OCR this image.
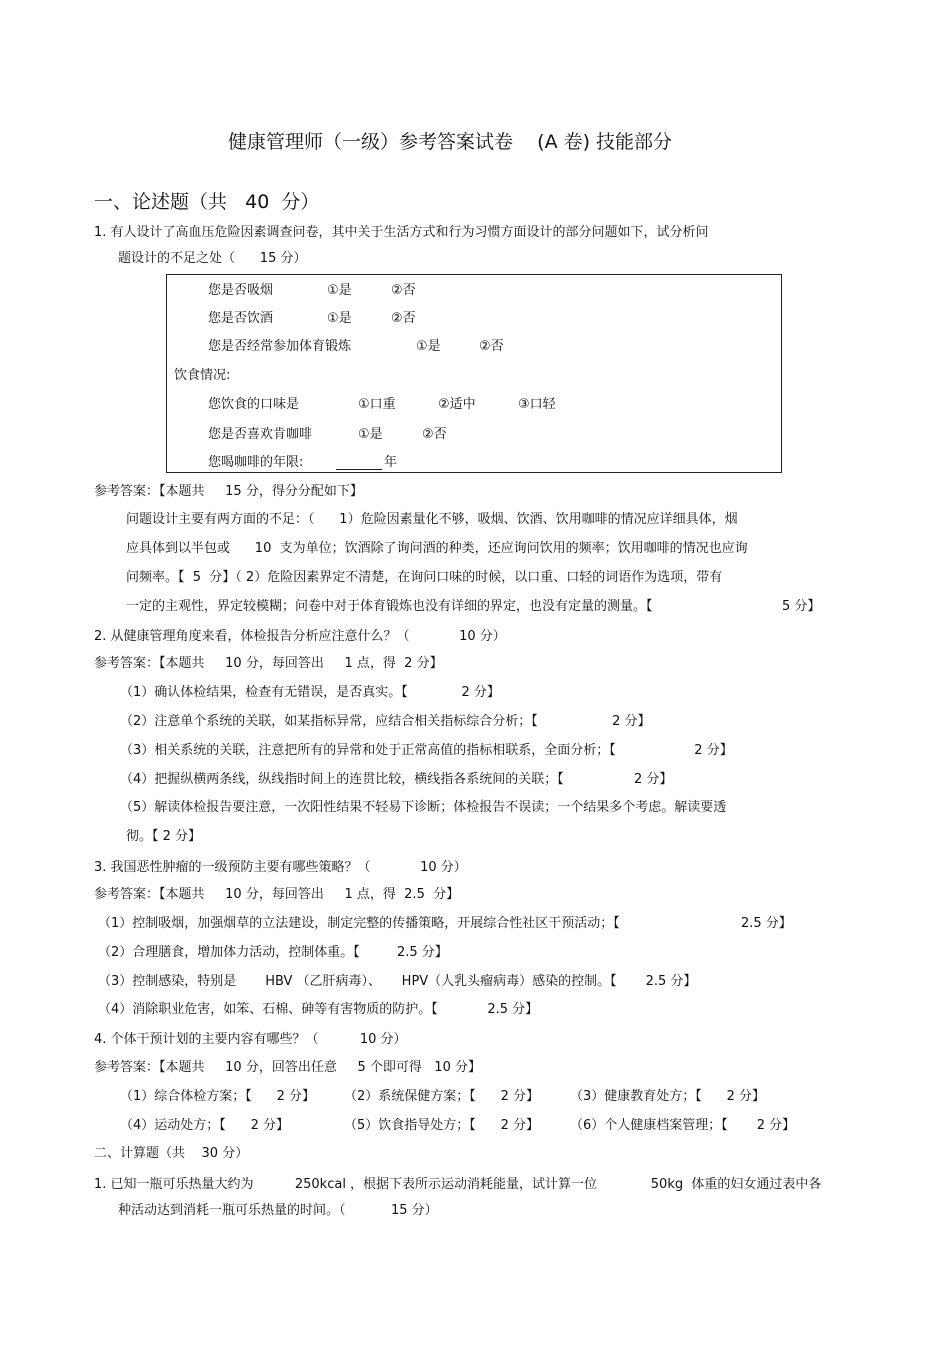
健康管理师（一级）参考答案试卷    (A 卷) 技能部分
一、论述题（共   40  分）
1. 有人设计了高血压危险因素调查问卷，其中关于生活方式和行为习惯方面设计的部分问题如下，试分析问
题设计的不足之处（      15 分）
您是否吸烟	①是	②否
您是否饮酒	①是	②否
您是否经常参加体育锻炼	①是	②否
饮食情况:
您饮食的口味是	①口重	②适中	③口轻
您是否喜欢肯咖啡	①是	②否
您喝咖啡的年限:	年
参考答案：【本题共     15 分，得分分配如下】
问题设计主要有两方面的不足：（      1）危险因素量化不够，吸烟、饮酒、饮用咖啡的情况应详细具体，烟
应具体到以半包或      10  支为单位；饮酒除了询问酒的种类，还应询问饮用的频率；饮用咖啡的情况也应询
问频率。【  5  分】（ 2）危险因素界定不清楚，在询问口味的时候，以口重、口轻的词语作为选项，带有
一定的主观性，界定较模糊；问卷中对于体育锻炼也没有详细的界定，也没有定量的测量。【	5 分】
2. 从健康管理角度来看，体检报告分析应注意什么？（            10 分）
参考答案：【本题共     10 分，每回答出     1 点，得  2 分】
（1）确认体检结果，检查有无错误，是否真实。【             2 分】
（2）注意单个系统的关联，如某指标异常，应结合相关指标综合分析；【                  2 分】
（3）相关系统的关联，注意把所有的异常和处于正常高值的指标相联系，全面分析；【                   2 分】
（4）把握纵横两条线，纵线指时间上的连贯比较，横线指各系统间的关联；【                 2 分】
（5）解读体检报告要注意，一次阳性结果不轻易下诊断；体检报告不误读；一个结果多个考虑。解读要透
彻。【 2 分】
3. 我国恶性肿瘤的一级预防主要有哪些策略？（            10 分）
参考答案：【本题共     10 分，每回答出     1 点，得  2.5  分】
（1）控制吸烟，加强烟草的立法建设，制定完整的传播策略，开展综合性社区干预活动；【	2.5 分】
（2）合理膳食，增加体力活动，控制体重。【         2.5 分】
（3）控制感染，特别是       HBV （乙肝病毒）、     HPV（人乳头瘤病毒）感染的控制。【       2.5 分】
（4）消除职业危害，如笨、石棉、砷等有害物质的防护。【            2.5 分】
4. 个体干预计划的主要内容有哪些？（          10 分）
参考答案：【本题共     10 分，回答出任意     5 个即可得   10 分】
（1）综合体检方案；【      2 分】 （2）系统保健方案；【      2 分】 （3）健康教育处方；【      2 分】
（4）运动处方；【      2 分】	（5）饮食指导处方；【      2 分】 （6）个人健康档案管理；【       2 分】
二、计算题（共    30 分）
1. 已知一瓶可乐热量大约为          250kcal ，根据下表所示运动消耗能量，试计算一位             50kg  体重的妇女通过表中各
种活动达到消耗一瓶可乐热量的时间。（           15 分）
